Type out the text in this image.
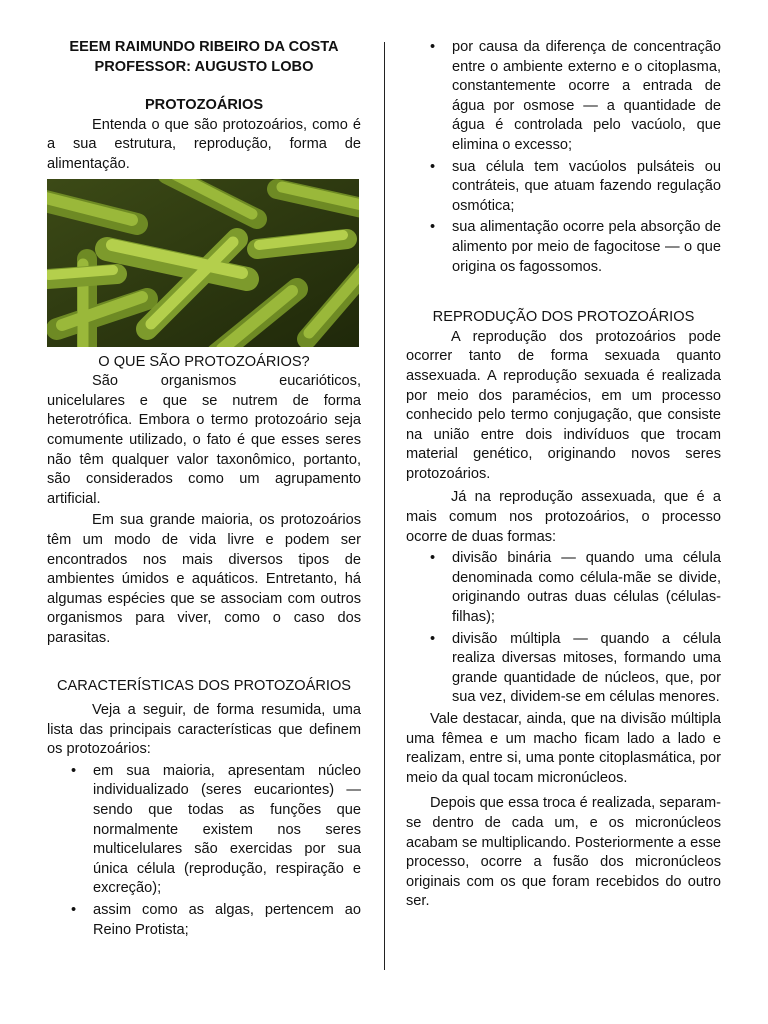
EEEM RAIMUNDO RIBEIRO DA COSTA

PROFESSOR: AUGUSTO LOBO

PROTOZOÁRIOS

Entenda o que são protozoários, como é a sua estrutura, reprodução, forma de alimentação.

O QUE SÃO PROTOZOÁRIOS?

São organismos eucarióticos, unicelulares e que se nutrem de forma heterotrófica. Embora o termo protozoário seja comumente utilizado, o fato é que esses seres não têm qualquer valor taxonômico, portanto, são considerados como um agrupamento artificial.

Em sua grande maioria, os protozoários têm um modo de vida livre e podem ser encontrados nos mais diversos tipos de ambientes úmidos e aquáticos. Entretanto, há algumas espécies que se associam com outros organismos para viver, como o caso dos parasitas.

CARACTERÍSTICAS DOS PROTOZOÁRIOS

Veja a seguir, de forma resumida, uma lista das principais características que definem os protozoários:

• em sua maioria, apresentam núcleo individualizado (seres eucariontes) — sendo que todas as funções que normalmente existem nos seres multicelulares são exercidas por sua única célula (reprodução, respiração e excreção);
• assim como as algas, pertencem ao Reino Protista;
• por causa da diferença de concentração entre o ambiente externo e o citoplasma, constantemente ocorre a entrada de água por osmose — a quantidade de água é controlada pelo vacúolo, que elimina o excesso;
• sua célula tem vacúolos pulsáteis ou contráteis, que atuam fazendo regulação osmótica;
• sua alimentação ocorre pela absorção de alimento por meio de fagocitose — o que origina os fagossomos.

REPRODUÇÃO DOS PROTOZOÁRIOS

A reprodução dos protozoários pode ocorrer tanto de forma sexuada quanto assexuada. A reprodução sexuada é realizada por meio dos paramécios, em um processo conhecido pelo termo conjugação, que consiste na união entre dois indivíduos que trocam material genético, originando novos seres protozoários.

Já na reprodução assexuada, que é a mais comum nos protozoários, o processo ocorre de duas formas:

• divisão binária — quando uma célula denominada como célula-mãe se divide, originando outras duas células (células-filhas);
• divisão múltipla — quando a célula realiza diversas mitoses, formando uma grande quantidade de núcleos, que, por sua vez, dividem-se em células menores.

Vale destacar, ainda, que na divisão múltipla uma fêmea e um macho ficam lado a lado e realizam, entre si, uma ponte citoplasmática, por meio da qual tocam micronúcleos.

Depois que essa troca é realizada, separam-se dentro de cada um, e os micronúcleos acabam se multiplicando. Posteriormente a esse processo, ocorre a fusão dos micronúcleos originais com os que foram recebidos do outro ser.
